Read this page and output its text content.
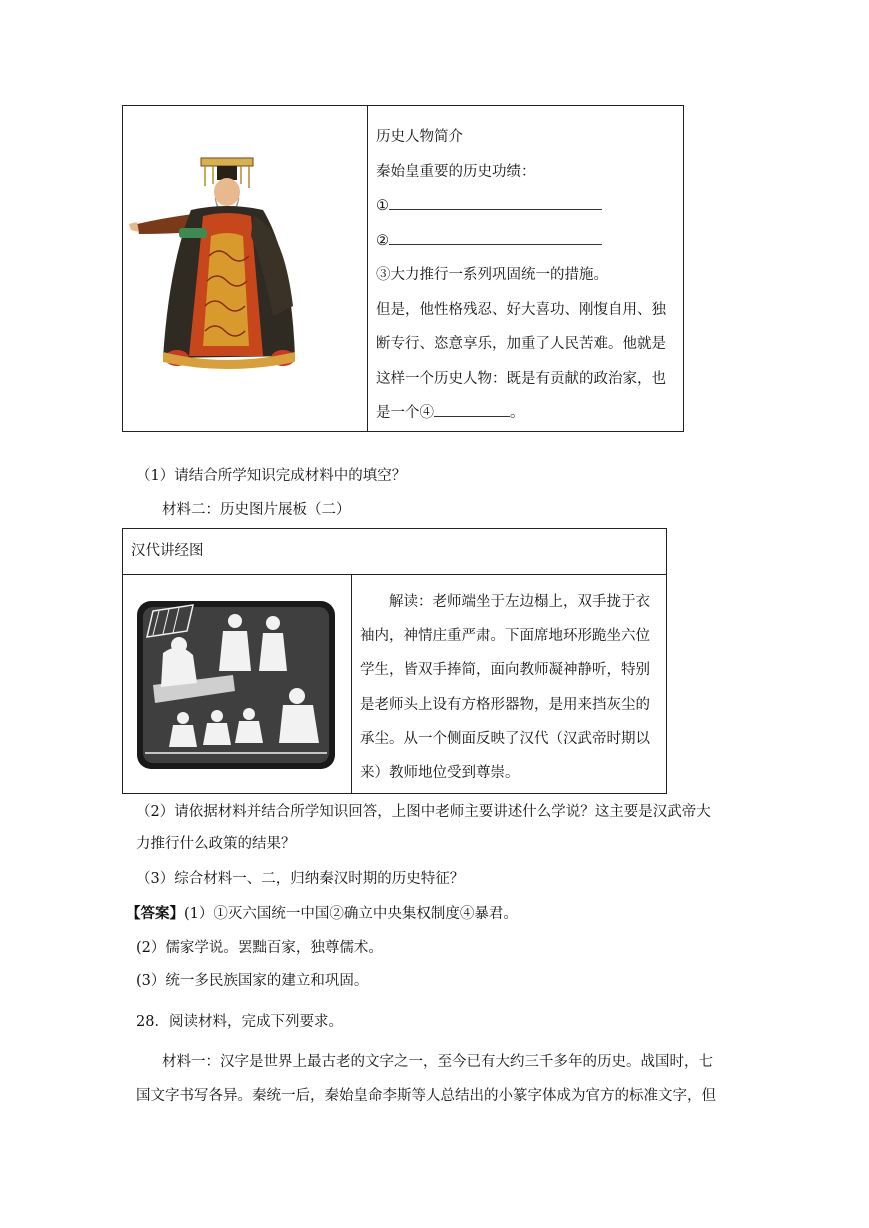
历史人物简介
秦始皇重要的历史功绩：
①
②
③大力推行一系列巩固统一的措施。
但是，他性格残忍、好大喜功、刚愎自用、独断专行、恣意享乐，加重了人民苦难。他就是这样一个历史人物：既是有贡献的政治家，也是一个④	。
（1）请结合所学知识完成材料中的填空？
材料二：历史图片展板（二）
汉代讲经图

	解读：老师端坐于左边榻上，双手拢于衣袖内，神情庄重严肃。下面席地环形跪坐六位学生，皆双手捧简，面向教师凝神静听，特别是老师头上设有方格形器物，是用来挡灰尘的承尘。从一个侧面反映了汉代（汉武帝时期以来）教师地位受到尊崇。
（2）请依据材料并结合所学知识回答，上图中老师主要讲述什么学说？这主要是汉武帝大
力推行什么政策的结果？
（3）综合材料一、二，归纳秦汉时期的历史特征？
【答案】(1）①灭六国统一中国②确立中央集权制度④暴君。
(2）儒家学说。罢黜百家，独尊儒术。
(3）统一多民族国家的建立和巩固。
28．阅读材料，完成下列要求。
材料一：汉字是世界上最古老的文字之一，至今已有大约三千多年的历史。战国时，七
国文字书写各异。秦统一后，秦始皇命李斯等人总结出的小篆字体成为官方的标准文字，但
